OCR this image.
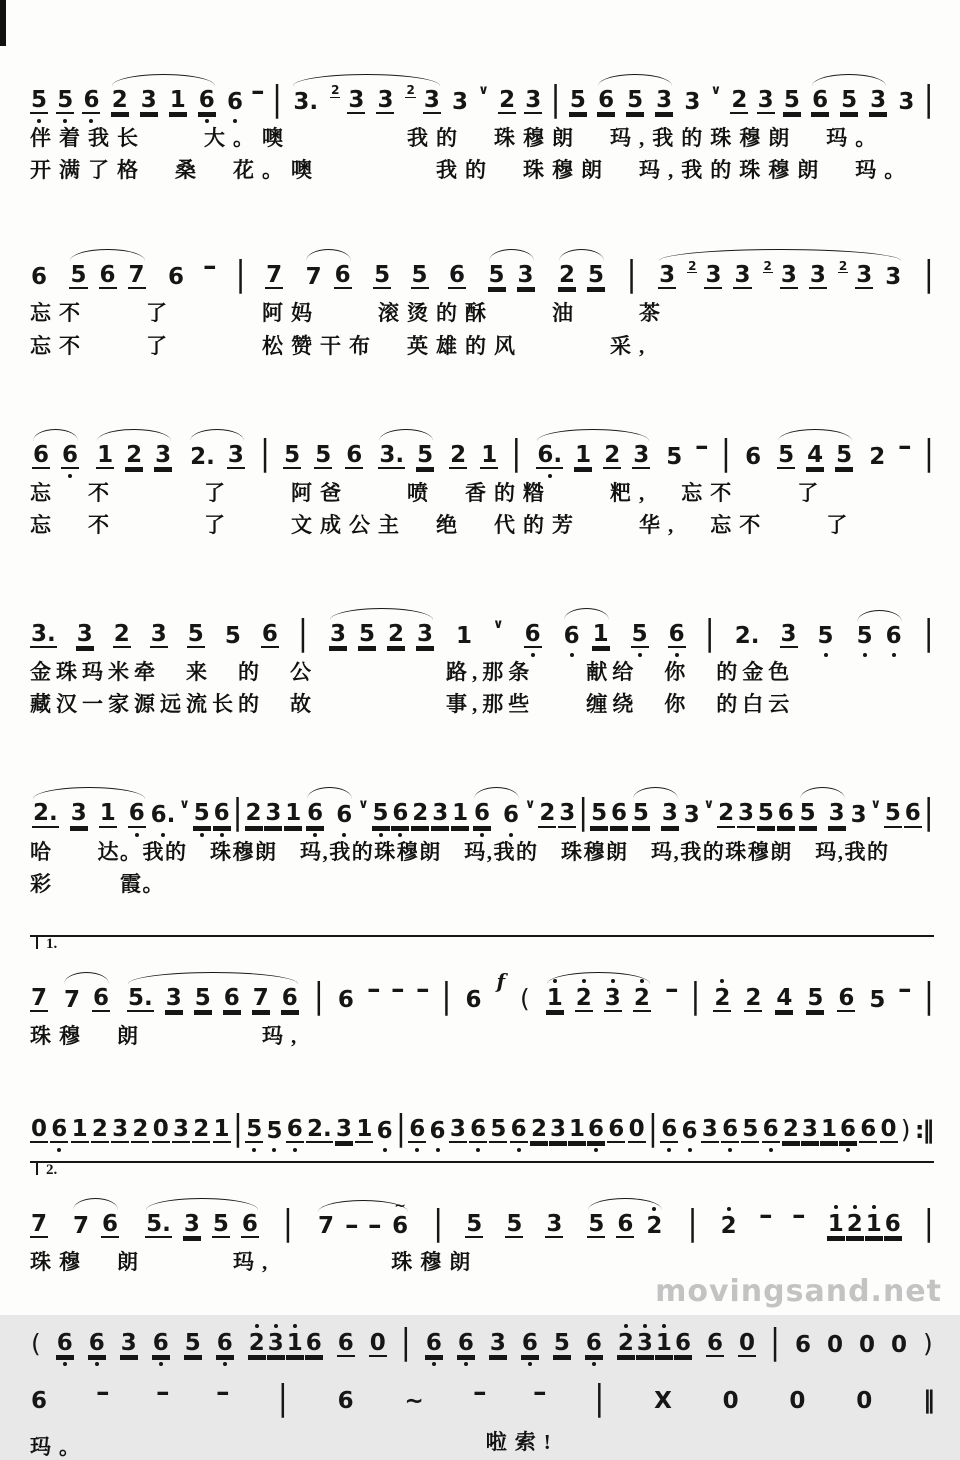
5 5 6 2 3 1 6 6 - | 3. 2 3 3 2 3 3 ∨ 2 3 | 5 6 5 3 3 ∨ 2 3 5 6 5 3 3 |
伴着我长　　大。噢　　　　我的　珠穆朗　玛,我的珠穆朗　玛。
开满了格　桑　花。噢　　　　我的　珠穆朗　玛,我的珠穆朗　玛。
6 5 6 7 6 - | 7 7 6 5 5 6 5 3 2 5 | 3 2 3 3 2 3 3 2 3 3 |
忘不　　了　　　阿妈　　滚烫的酥　　油　　茶
忘不　　了　　　松赞干布　英雄的风　　　采,
6 6 1 2 3 2. 3 | 5 5 6 3. 5 2 1 | 6. 1 2 3 5 - | 6 5 4 5 2 - |
忘　不　　　了　　阿爸　　喷　香的糌　　粑,　忘不　　了
忘　不　　　了　　文成公主　绝　代的芳　　华,　忘不　　了
3. 3 2 3 5 5 6 | 3 5 2 3 1 ∨ 6 6 1 5 6 | 2. 3 5 5 6 |
金珠玛米牵　来　的　公　　　　　路,那条　　献给　你　的金色
藏汉一家源远流长的　故　　　　　事,那些　　缠绕　你　的白云
2. 3 1 6 6. ∨ 5 6 | 2 3 1 6 6 ∨ 5 6 2 3 1 6 6 ∨ 2 3 | 5 6 5 3 3 ∨ 2 3 5 6 5 3 3 ∨ 5 6 |
哈　　达。我的　珠穆朗　玛,我的珠穆朗　玛,我的　珠穆朗　玛,我的珠穆朗　玛,我的
彩　　　霞。
1.
7 7 6 5. 3 5 6 7 6 | 6 - - - | 6
f
( 1 2 3 2 - | 2 2 4 5 6 5 - |
珠穆　朗　　　　玛,
0 6 1 2 3 2 0 3 2 1 | 5 5 6 2. 3 1 6 | 6 6 3 6 5 6 2 3 1 6 6 0 | 6 6 3 6 5 6 2 3 1 6 6 0 ) :‖
2.
7 7 6 5. 3 5 6 | 7 - -
~
6 | 5 5 3 5 6 2 | 2 - - 1 2 1 6 |
珠穆　朗　　　玛,　　　　珠穆朗
( 6 6 3 6 5 6 2 3 1 6 6 0 | 6 6 3 6 5 6 2 3 1 6 6 0 | 6 0 0 0 )
6 - - - | 6 ~ - - | X 0 0 0 ‖
玛。	啦索!
movingsand.net
